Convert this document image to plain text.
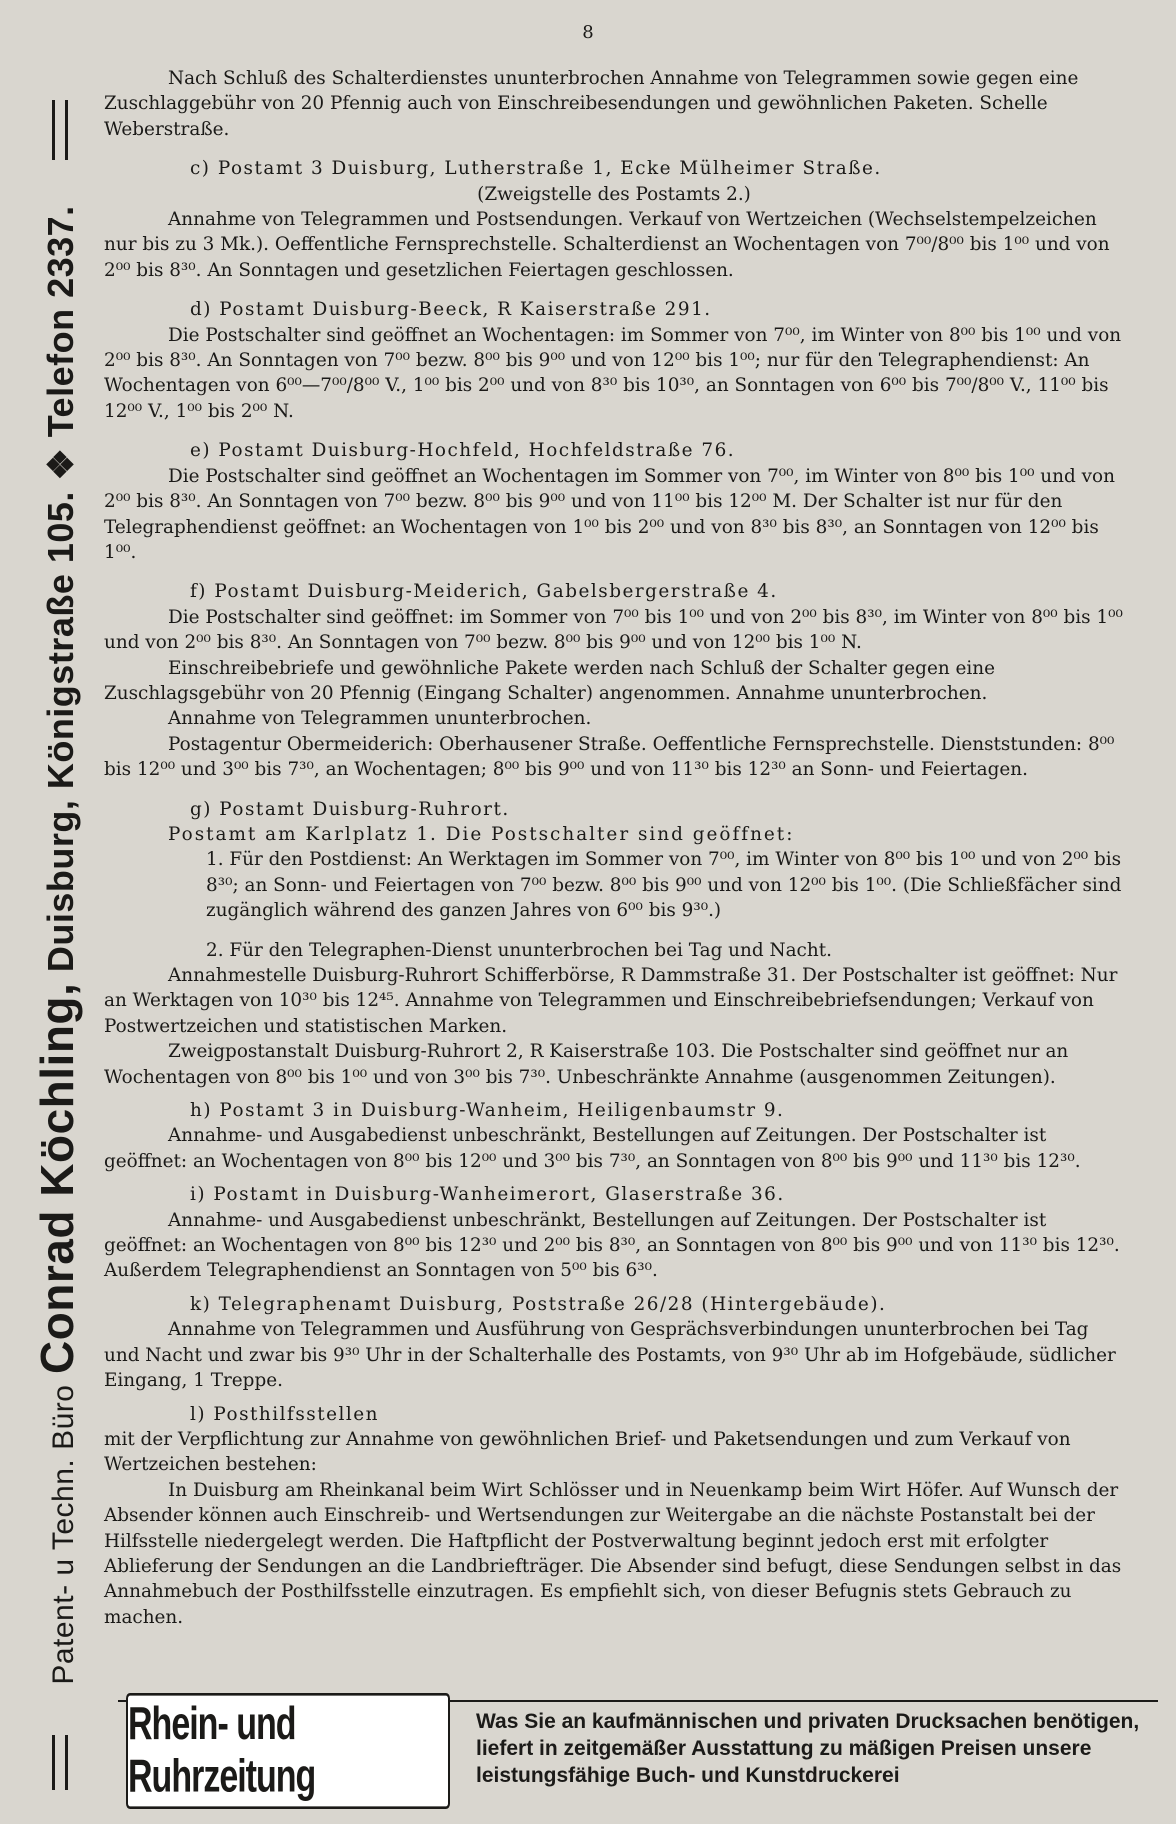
8
Patent- u Techn. Büro Conrad Köchling, Duisburg, Königstraße 105. ❖ Telefon 2337.

Nach Schluß des Schalterdienstes ununterbrochen Annahme von Telegrammen sowie gegen eine Zuschlaggebühr von 20 Pfennig auch von Einschreibesendungen und gewöhnlichen Paketen. Schelle Weberstraße.

c) Postamt 3 Duisburg, Lutherstraße 1, Ecke Mülheimer Straße.

(Zweigstelle des Postamts 2.)

Annahme von Telegrammen und Postsendungen. Verkauf von Wertzeichen (Wechselstempelzeichen nur bis zu 3 Mk.). Oeffentliche Fernsprechstelle. Schalterdienst an Wochentagen von 7⁰⁰/8⁰⁰ bis 1⁰⁰ und von 2⁰⁰ bis 8³⁰. An Sonntagen und gesetzlichen Feiertagen geschlossen.

d) Postamt Duisburg-Beeck, R Kaiserstraße 291.

Die Postschalter sind geöffnet an Wochentagen: im Sommer von 7⁰⁰, im Winter von 8⁰⁰ bis 1⁰⁰ und von 2⁰⁰ bis 8³⁰. An Sonntagen von 7⁰⁰ bezw. 8⁰⁰ bis 9⁰⁰ und von 12⁰⁰ bis 1⁰⁰; nur für den Telegraphendienst: An Wochentagen von 6⁰⁰—7⁰⁰/8⁰⁰ V., 1⁰⁰ bis 2⁰⁰ und von 8³⁰ bis 10³⁰, an Sonntagen von 6⁰⁰ bis 7⁰⁰/8⁰⁰ V., 11⁰⁰ bis 12⁰⁰ V., 1⁰⁰ bis 2⁰⁰ N.

e) Postamt Duisburg-Hochfeld, Hochfeldstraße 76.

Die Postschalter sind geöffnet an Wochentagen im Sommer von 7⁰⁰, im Winter von 8⁰⁰ bis 1⁰⁰ und von 2⁰⁰ bis 8³⁰. An Sonntagen von 7⁰⁰ bezw. 8⁰⁰ bis 9⁰⁰ und von 11⁰⁰ bis 12⁰⁰ M. Der Schalter ist nur für den Telegraphendienst geöffnet: an Wochentagen von 1⁰⁰ bis 2⁰⁰ und von 8³⁰ bis 8³⁰, an Sonntagen von 12⁰⁰ bis 1⁰⁰.

f) Postamt Duisburg-Meiderich, Gabelsbergerstraße 4.

Die Postschalter sind geöffnet: im Sommer von 7⁰⁰ bis 1⁰⁰ und von 2⁰⁰ bis 8³⁰, im Winter von 8⁰⁰ bis 1⁰⁰ und von 2⁰⁰ bis 8³⁰. An Sonntagen von 7⁰⁰ bezw. 8⁰⁰ bis 9⁰⁰ und von 12⁰⁰ bis 1⁰⁰ N.

Einschreibebriefe und gewöhnliche Pakete werden nach Schluß der Schalter gegen eine Zuschlagsgebühr von 20 Pfennig (Eingang Schalter) angenommen. Annahme ununterbrochen.

Annahme von Telegrammen ununterbrochen.

Postagentur Obermeiderich: Oberhausener Straße. Oeffentliche Fernsprechstelle. Dienststunden: 8⁰⁰ bis 12⁰⁰ und 3⁰⁰ bis 7³⁰, an Wochentagen; 8⁰⁰ bis 9⁰⁰ und von 11³⁰ bis 12³⁰ an Sonn- und Feiertagen.

g) Postamt Duisburg-Ruhrort.

Postamt am Karlplatz 1. Die Postschalter sind geöffnet:

1. Für den Postdienst: An Werktagen im Sommer von 7⁰⁰, im Winter von 8⁰⁰ bis 1⁰⁰ und von 2⁰⁰ bis 8³⁰; an Sonn- und Feiertagen von 7⁰⁰ bezw. 8⁰⁰ bis 9⁰⁰ und von 12⁰⁰ bis 1⁰⁰. (Die Schließfächer sind zugänglich während des ganzen Jahres von 6⁰⁰ bis 9³⁰.)

2. Für den Telegraphen-Dienst ununterbrochen bei Tag und Nacht.

Annahmestelle Duisburg-Ruhrort Schifferbörse, R Dammstraße 31. Der Postschalter ist geöffnet: Nur an Werktagen von 10³⁰ bis 12⁴⁵. Annahme von Telegrammen und Einschreibebriefsendungen; Verkauf von Postwertzeichen und statistischen Marken.

Zweigpostanstalt Duisburg-Ruhrort 2, R Kaiserstraße 103. Die Postschalter sind geöffnet nur an Wochentagen von 8⁰⁰ bis 1⁰⁰ und von 3⁰⁰ bis 7³⁰. Unbeschränkte Annahme (ausgenommen Zeitungen).

h) Postamt 3 in Duisburg-Wanheim, Heiligenbaumstr 9.

Annahme- und Ausgabedienst unbeschränkt, Bestellungen auf Zeitungen. Der Postschalter ist geöffnet: an Wochentagen von 8⁰⁰ bis 12⁰⁰ und 3⁰⁰ bis 7³⁰, an Sonntagen von 8⁰⁰ bis 9⁰⁰ und 11³⁰ bis 12³⁰.

i) Postamt in Duisburg-Wanheimerort, Glaserstraße 36.

Annahme- und Ausgabedienst unbeschränkt, Bestellungen auf Zeitungen. Der Postschalter ist geöffnet: an Wochentagen von 8⁰⁰ bis 12³⁰ und 2⁰⁰ bis 8³⁰, an Sonntagen von 8⁰⁰ bis 9⁰⁰ und von 11³⁰ bis 12³⁰. Außerdem Telegraphendienst an Sonntagen von 5⁰⁰ bis 6³⁰.

k) Telegraphenamt Duisburg, Poststraße 26/28 (Hintergebäude).

Annahme von Telegrammen und Ausführung von Gesprächsverbindungen ununterbrochen bei Tag und Nacht und zwar bis 9³⁰ Uhr in der Schalterhalle des Postamts, von 9³⁰ Uhr ab im Hofgebäude, südlicher Eingang, 1 Treppe.

l) Posthilfsstellen

mit der Verpflichtung zur Annahme von gewöhnlichen Brief- und Paketsendungen und zum Verkauf von Wertzeichen bestehen:

In Duisburg am Rheinkanal beim Wirt Schlösser und in Neuenkamp beim Wirt Höfer. Auf Wunsch der Absender können auch Einschreib- und Wertsendungen zur Weitergabe an die nächste Postanstalt bei der Hilfsstelle niedergelegt werden. Die Haftpflicht der Postverwaltung beginnt jedoch erst mit erfolgter Ablieferung der Sendungen an die Landbriefträger. Die Absender sind befugt, diese Sendungen selbst in das Annahmebuch der Posthilfsstelle einzutragen. Es empfiehlt sich, von dieser Befugnis stets Gebrauch zu machen.

Rhein- und Ruhrzeitung
Was Sie an kaufmännischen und privaten Drucksachen benötigen, liefert in zeitgemäßer Ausstattung zu mäßigen Preisen unsere leistungsfähige Buch- und Kunstdruckerei
